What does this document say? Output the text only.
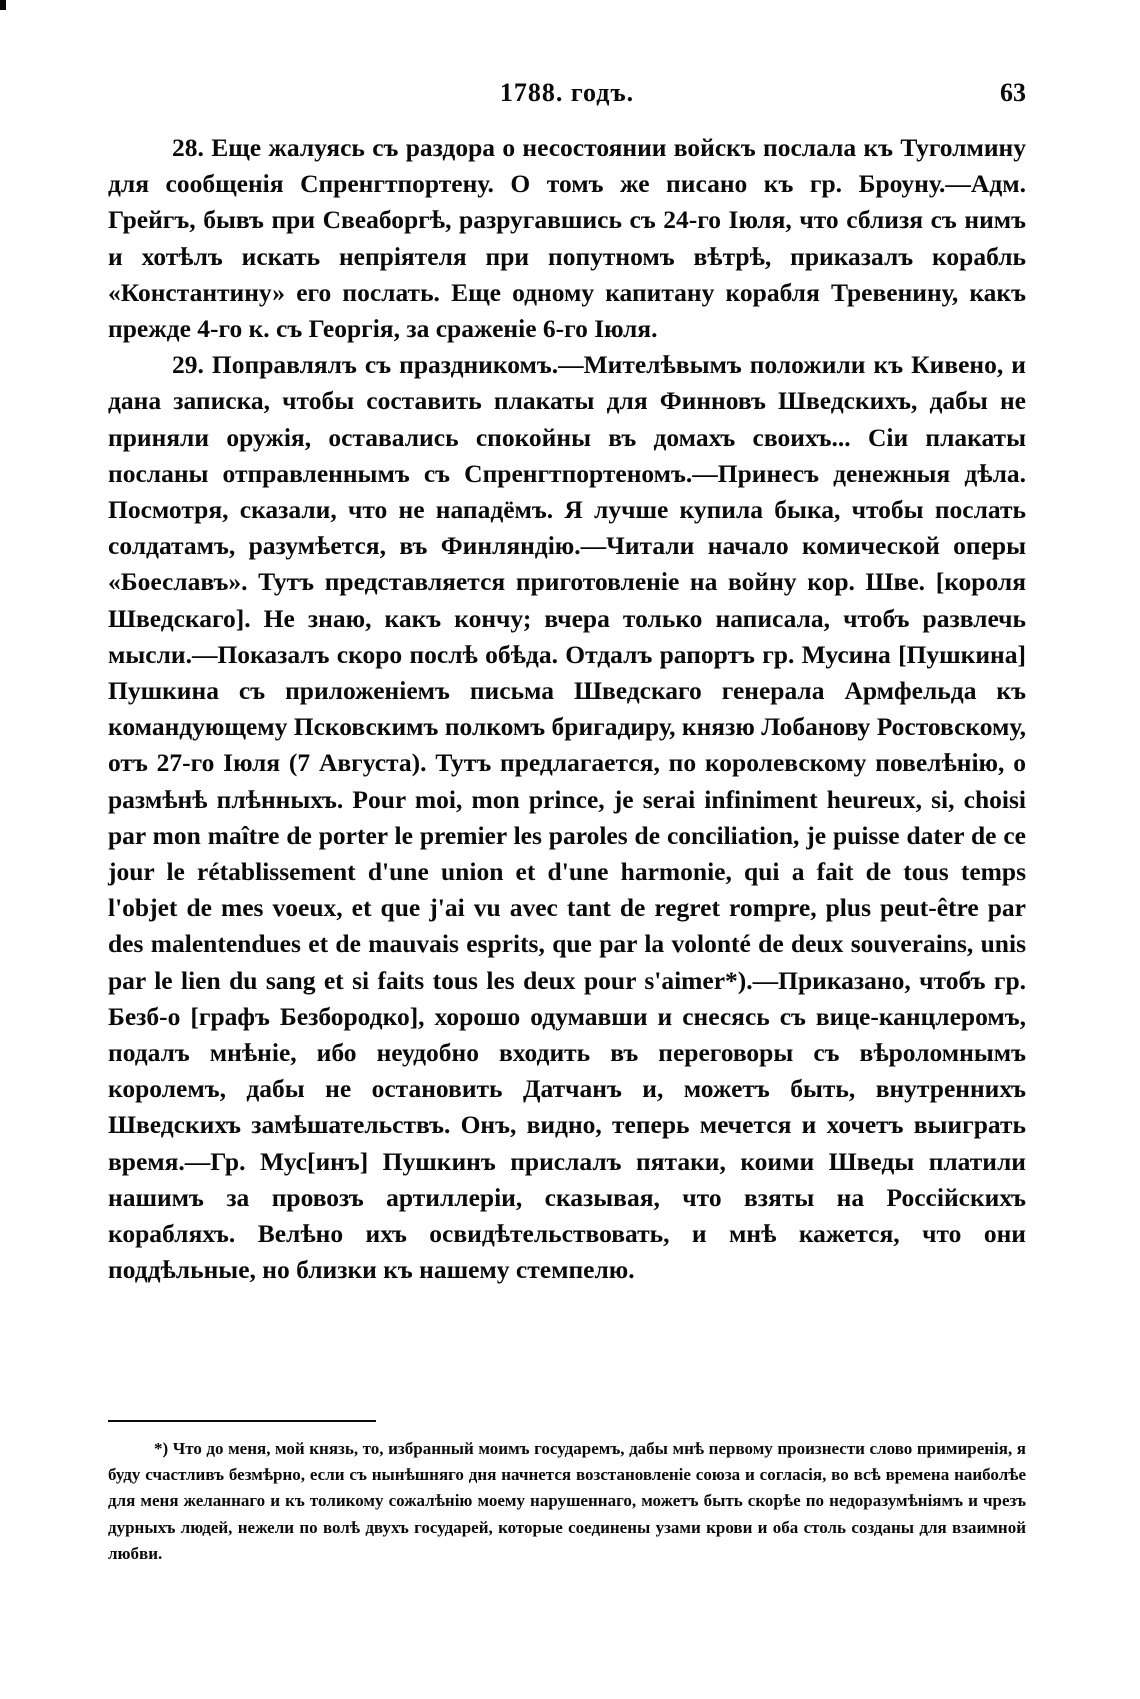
1788. годъ.	63

28. Еще жалуясь съ раздора о несостоянии войскъ послала къ Туголмину для сообщенія Спренгтпортену. О томъ же писано къ гр. Броуну.—Адм. Грейгъ, бывъ при Свеаборгѣ, разругавшись съ 24-го Іюля, что сблизя съ нимъ и хотѣлъ искать непріятеля при попутномъ вѣтрѣ, приказалъ корабль «Константину» его послать. Еще одному капитану корабля Тревенину, какъ прежде 4-го к. съ Георгія, за сраженіе 6-го Іюля.

29. Поправлялъ съ праздникомъ.—Мителѣвымъ положили къ Кивено, и дана записка, чтобы составить плакаты для Финновъ Шведскихъ, дабы не приняли оружія, оставались спокойны въ домахъ своихъ... Сіи плакаты посланы отправленнымъ съ Спренгтпортеномъ.—Принесъ денежныя дѣла. Посмотря, сказали, что не нападёмъ. Я лучше купила быка, чтобы послать солдатамъ, разумѣется, въ Финляндію.—Читали начало комической оперы «Боеславъ». Тутъ представляется приготовленіе на войну кор. Шве. [короля Шведскаго]. Не знаю, какъ кончу; вчера только написала, чтобъ развлечь мысли.—Показалъ скоро послѣ обѣда. Отдалъ рапортъ гр. Мусина [Пушкина] Пушкина съ приложеніемъ письма Шведскаго генерала Армфельда къ командующему Псковскимъ полкомъ бригадиру, князю Лобанову Ростовскому, отъ 27-го Іюля (7 Августа). Тутъ предлагается, по королевскому повелѣнію, о размѣнѣ плѣнныхъ. Pour moi, mon prince, je serai infiniment heureux, si, choisi par mon maître de porter le premier les paroles de conciliation, je puisse dater de ce jour le rétablissement d'une union et d'une harmonie, qui a fait de tous temps l'objet de mes voeux, et que j'ai vu avec tant de regret rompre, plus peut-être par des malentendues et de mauvais esprits, que par la volonté de deux souverains, unis par le lien du sang et si faits tous les deux pour s'aimer*).—Приказано, чтобъ гр. Безб-о [графъ Безбородко], хорошо одумавши и снесясь съ вице-канцлеромъ, подалъ мнѣніе, ибо неудобно входить въ переговоры съ вѣроломнымъ королемъ, дабы не остановить Датчанъ и, можетъ быть, внутреннихъ Шведскихъ замѣшательствъ. Онъ, видно, теперь мечется и хочетъ выиграть время.—Гр. Мус[инъ] Пушкинъ прислалъ пятаки, коими Шведы платили нашимъ за провозъ артиллеріи, сказывая, что взяты на Россійскихъ корабляхъ. Велѣно ихъ освидѣтельствовать, и мнѣ кажется, что они поддѣльные, но близки къ нашему стемпелю.

*) Что до меня, мой князь, то, избранный моимъ государемъ, дабы мнѣ первому произнести слово примиренія, я буду счастливъ безмѣрно, если съ нынѣшняго дня начнется возстановленіе союза и согласія, во всѣ времена наиболѣе для меня желаннаго и къ толикому сожалѣнію моему нарушеннаго, можетъ быть скорѣе по недоразумѣніямъ и чрезъ дурныхъ людей, нежели по волѣ двухъ государей, которые соединены узами крови и оба столь созданы для взаимной любви.
